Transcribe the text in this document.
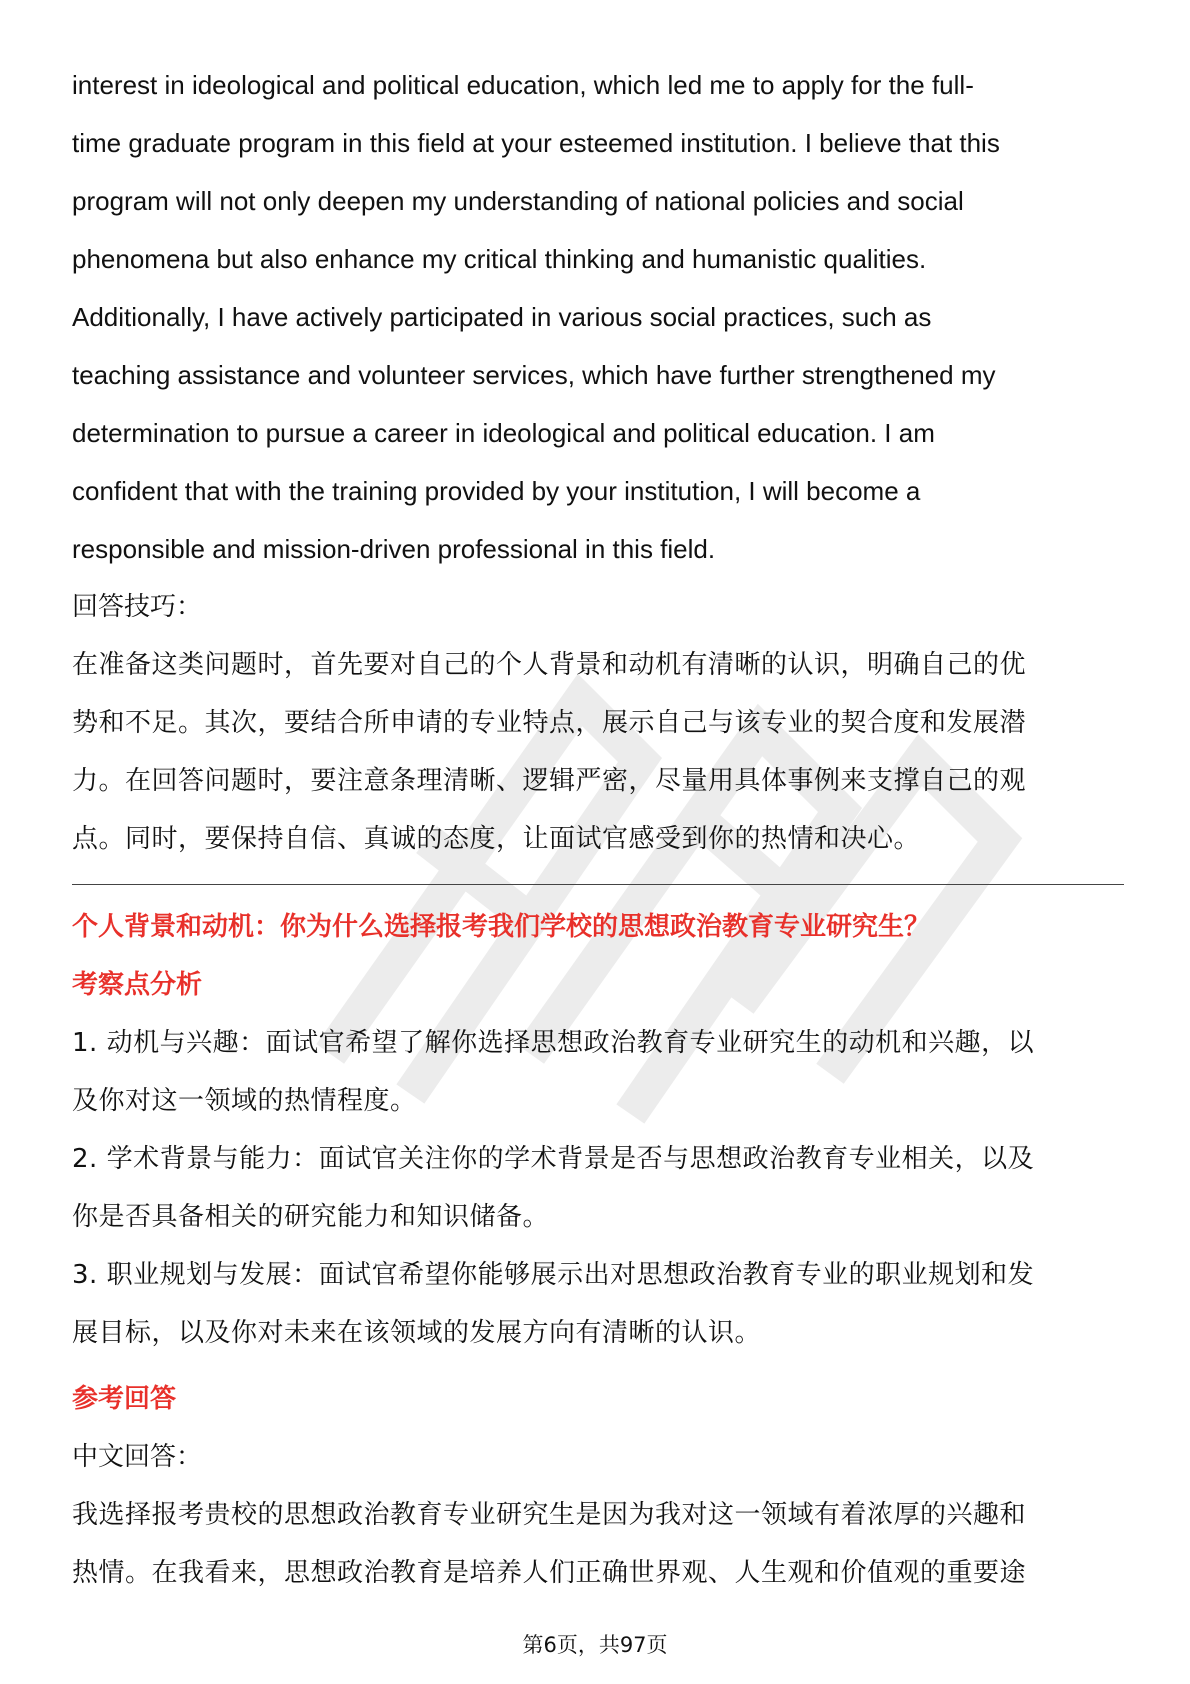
interest in ideological and political education, which led me to apply for the full-

time graduate program in this field at your esteemed institution. I believe that this

program will not only deepen my understanding of national policies and social

phenomena but also enhance my critical thinking and humanistic qualities.

Additionally, I have actively participated in various social practices, such as

teaching assistance and volunteer services, which have further strengthened my

determination to pursue a career in ideological and political education. I am

confident that with the training provided by your institution, I will become a

responsible and mission-driven professional in this field.

回答技巧：

在准备这类问题时，首先要对自己的个人背景和动机有清晰的认识，明确自己的优

势和不足。其次，要结合所申请的专业特点，展示自己与该专业的契合度和发展潜

力。在回答问题时，要注意条理清晰、逻辑严密，尽量用具体事例来支撑自己的观

点。同时，要保持自信、真诚的态度，让面试官感受到你的热情和决心。

个人背景和动机：你为什么选择报考我们学校的思想政治教育专业研究生？

考察点分析

1. 动机与兴趣：面试官希望了解你选择思想政治教育专业研究生的动机和兴趣，以

及你对这一领域的热情程度。

2. 学术背景与能力：面试官关注你的学术背景是否与思想政治教育专业相关，以及

你是否具备相关的研究能力和知识储备。

3. 职业规划与发展：面试官希望你能够展示出对思想政治教育专业的职业规划和发

展目标，以及你对未来在该领域的发展方向有清晰的认识。

参考回答

中文回答：

我选择报考贵校的思想政治教育专业研究生是因为我对这一领域有着浓厚的兴趣和

热情。在我看来，思想政治教育是培养人们正确世界观、人生观和价值观的重要途

第6页，共97页
